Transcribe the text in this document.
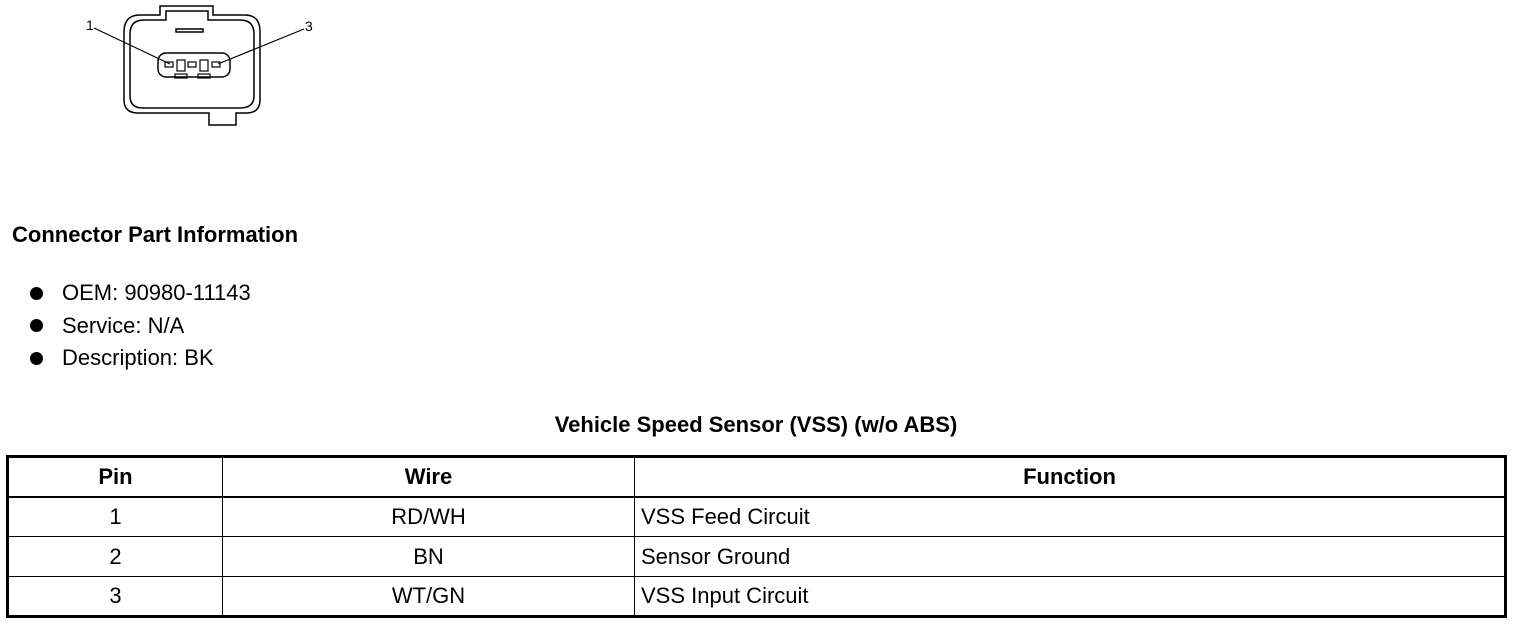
1	3
Connector Part Information
OEM: 90980-11143
Service: N/A
Description: BK
Vehicle Speed Sensor (VSS) (w/o ABS)
Pin	Wire	Function
1	RD/WH	VSS Feed Circuit
2	BN	Sensor Ground
3	WT/GN	VSS Input Circuit
